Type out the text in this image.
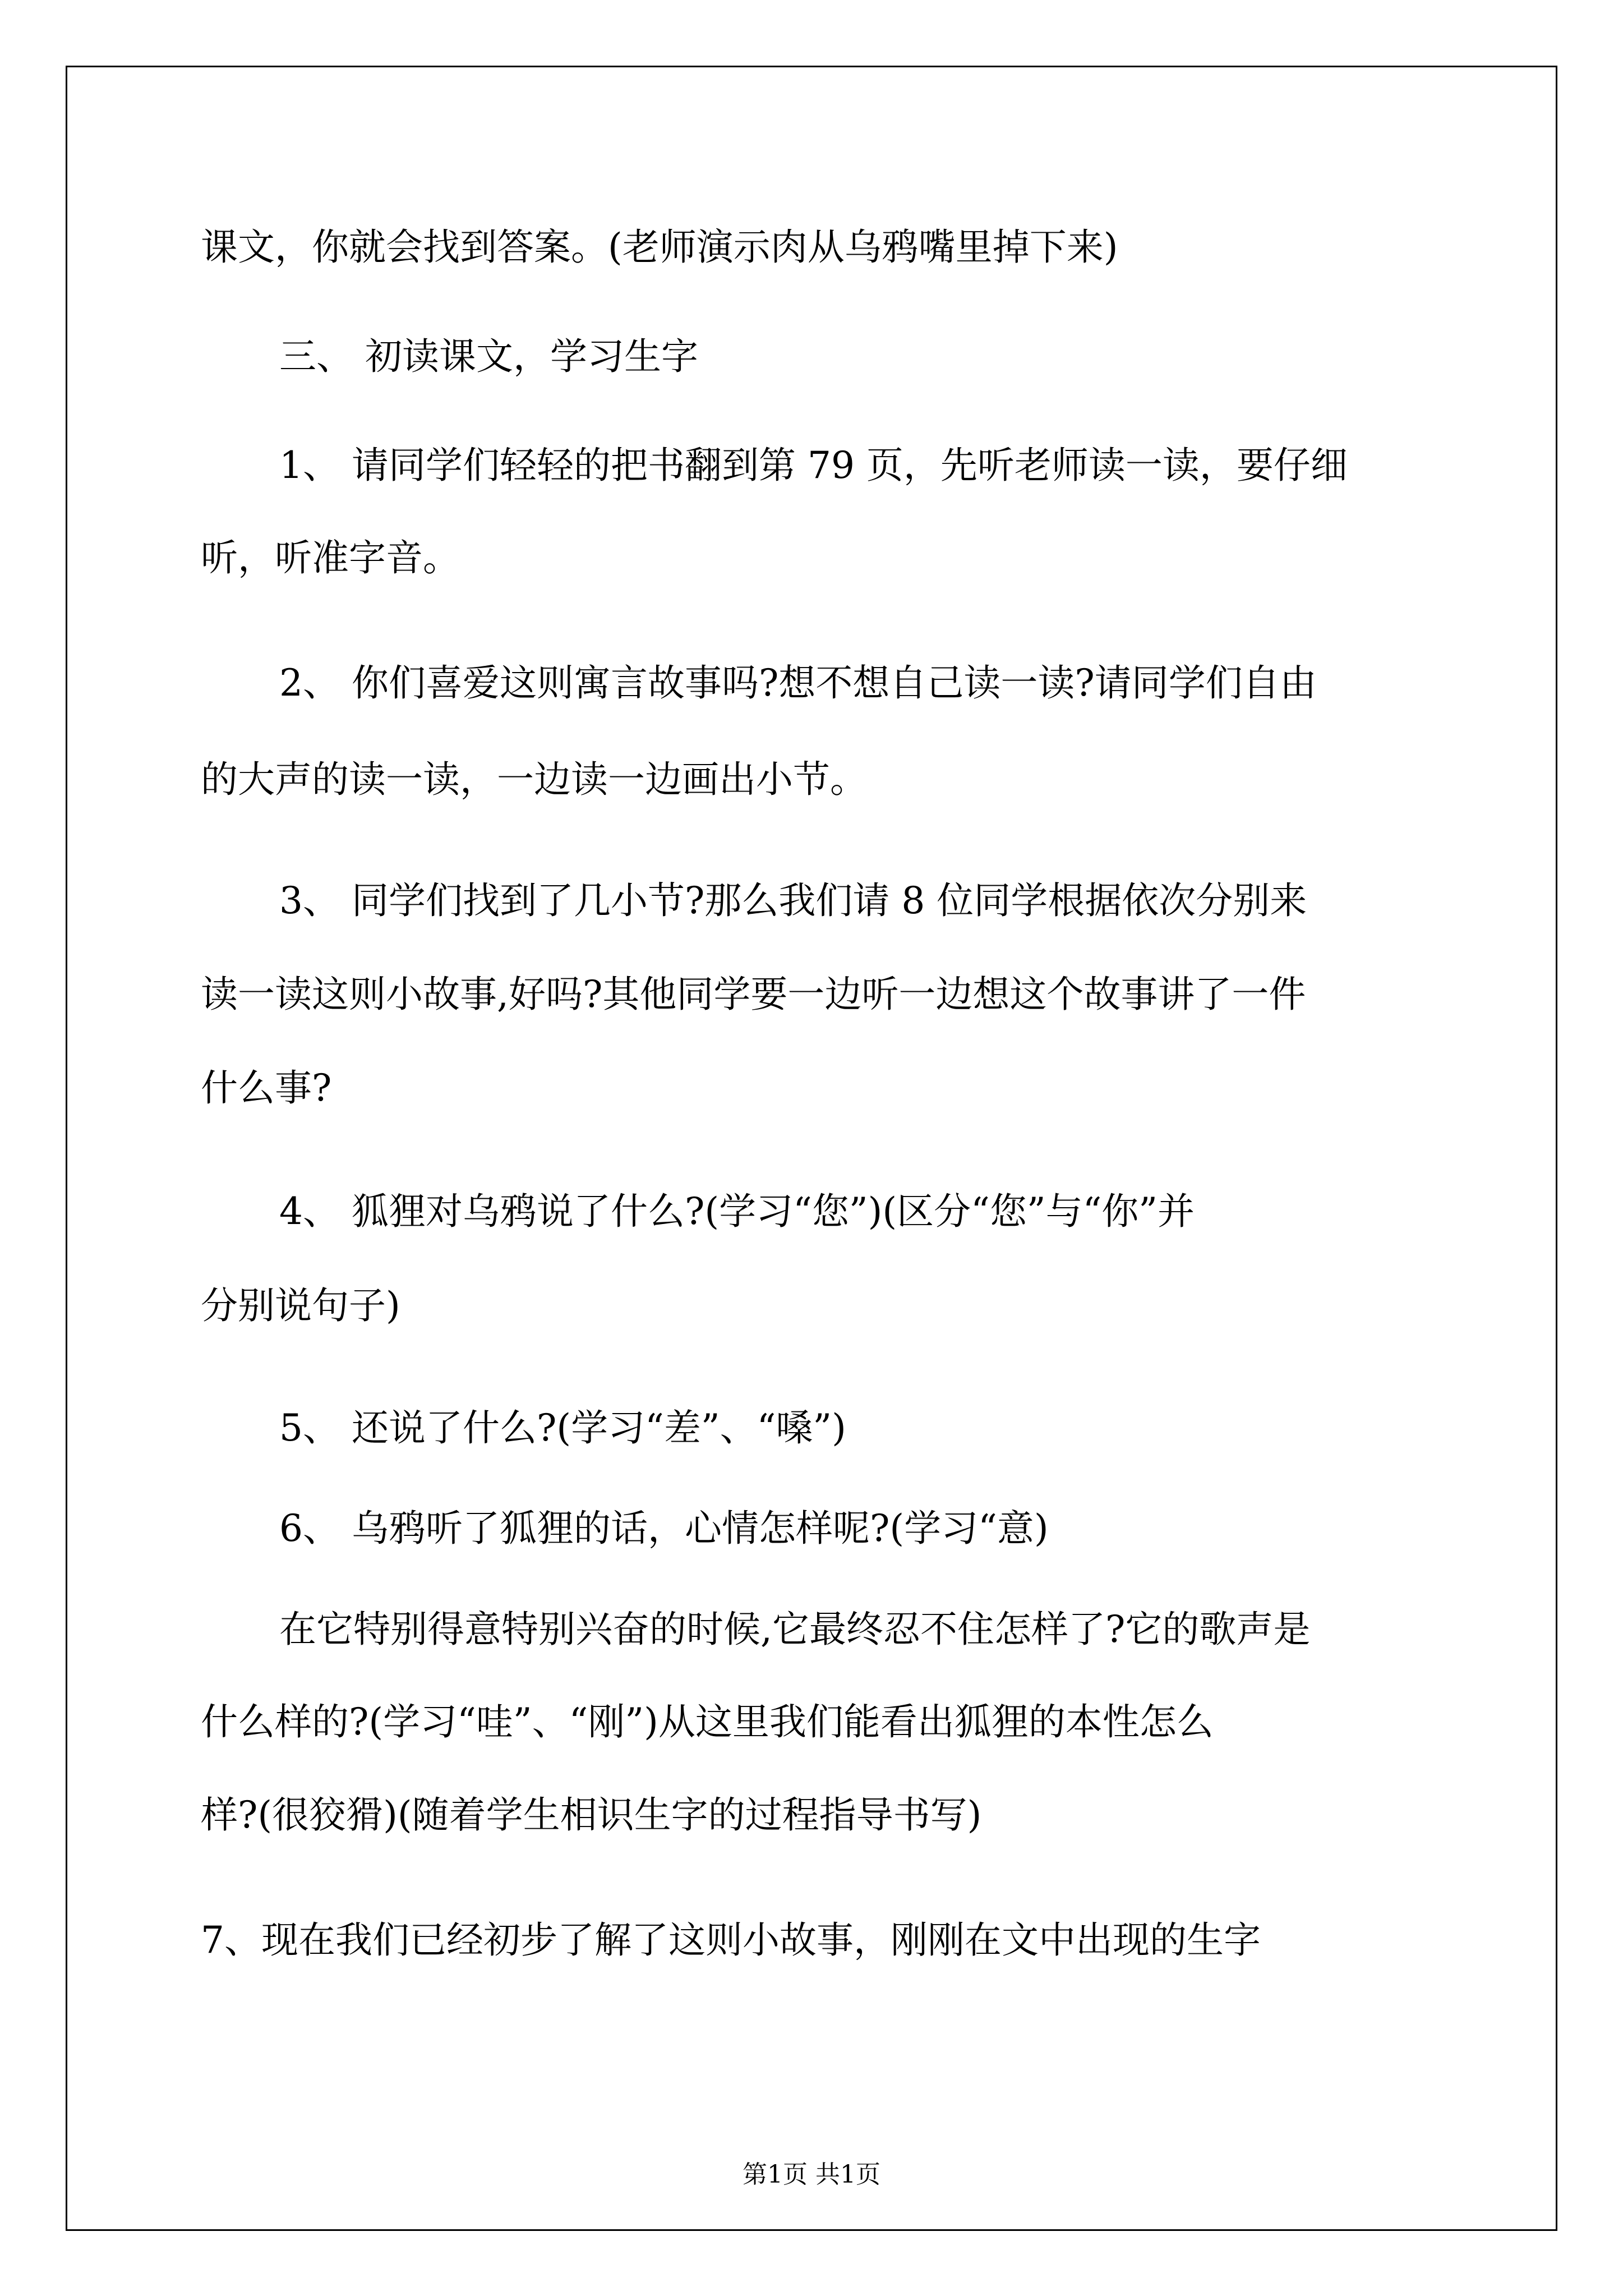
课文，你就会找到答案。(老师演示肉从乌鸦嘴里掉下来)

三、 初读课文，学习生字

1、 请同学们轻轻的把书翻到第 79 页，先听老师读一读，要仔细

听，听准字音。

2、 你们喜爱这则寓言故事吗?想不想自己读一读?请同学们自由

的大声的读一读，一边读一边画出小节。

3、 同学们找到了几小节?那么我们请 8 位同学根据依次分别来

读一读这则小故事,好吗?其他同学要一边听一边想这个故事讲了一件

什么事?

4、 狐狸对乌鸦说了什么?(学习“您”)(区分“您”与“你”并

分别说句子)

5、 还说了什么?(学习“差”、“嗓”)

6、 乌鸦听了狐狸的话，心情怎样呢?(学习“意)

在它特别得意特别兴奋的时候,它最终忍不住怎样了?它的歌声是

什么样的?(学习“哇”、“刚”)从这里我们能看出狐狸的本性怎么

样?(很狡猾)(随着学生相识生字的过程指导书写)

7、现在我们已经初步了解了这则小故事，刚刚在文中出现的生字

第1页 共1页
